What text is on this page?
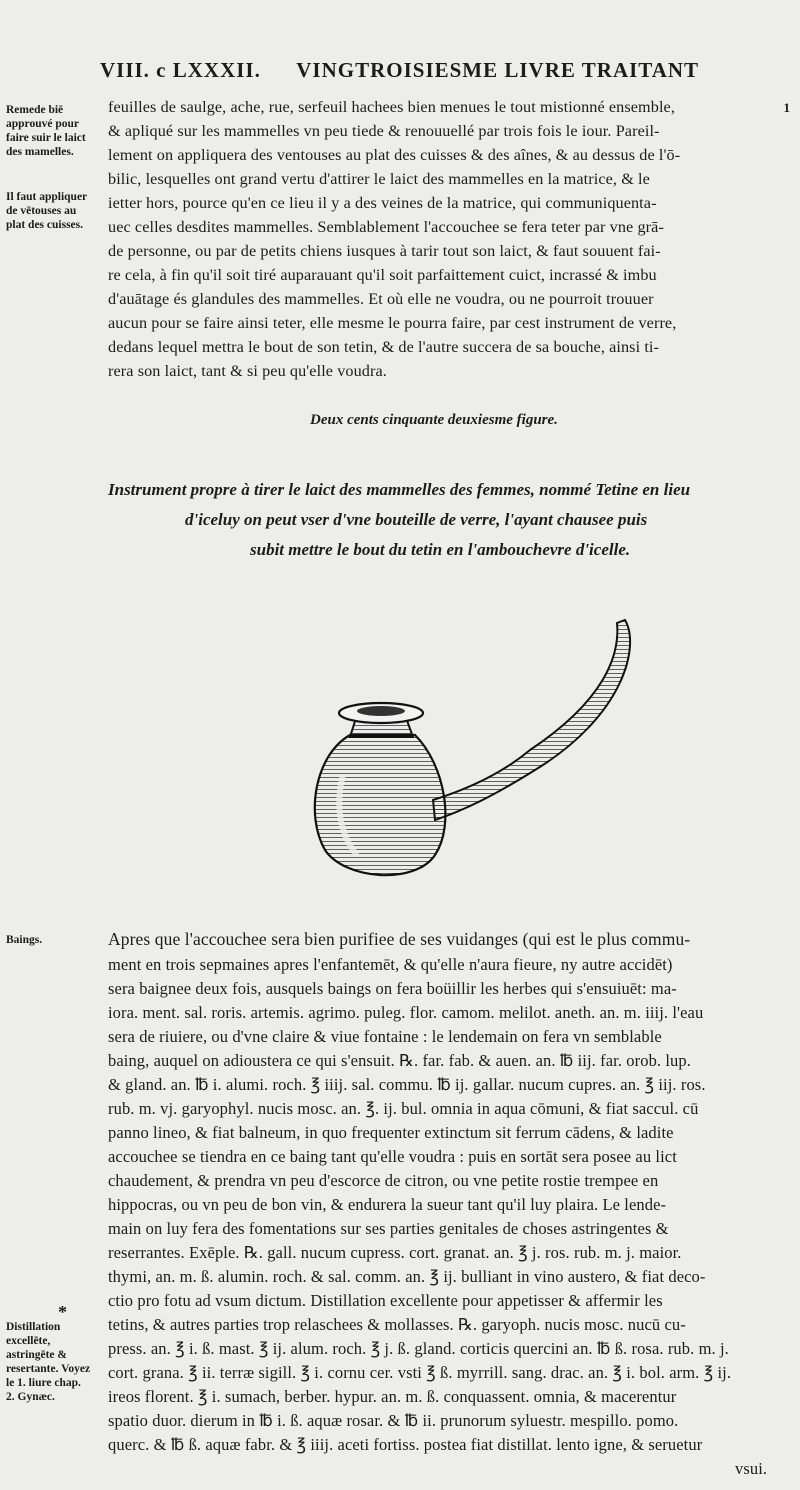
VIII. c LXXXII. VINGTROISIESME LIVRE TRAITANT
Remede biē approuvé pour faire suir le laict des mamelles.
Il faut appliquer de vētouses au plat des cuisses.
Baings.
*
Distillation excellēte, astringēte & resertante. Voyez le 1. liure chap. 2. Gynæc.
1
feuilles de saulge, ache, rue, serfeuil hachees bien menues le tout mistionné ensemble,
& apliqué sur les mammelles vn peu tiede & renouuellé par trois fois le iour. Pareil-
lement on appliquera des ventouses au plat des cuisses & des aînes, & au dessus de l'ō-
bilic, lesquelles ont grand vertu d'attirer le laict des mammelles en la matrice, & le
ietter hors, pource qu'en ce lieu il y a des veines de la matrice, qui communiquenta-
uec celles desdites mammelles. Semblablement l'accouchee se fera teter par vne grā-
de personne, ou par de petits chiens iusques à tarir tout son laict, & faut souuent fai-
re cela, à fin qu'il soit tiré auparauant qu'il soit parfaittement cuict, incrassé & imbu
d'auātage és glandules des mammelles. Et où elle ne voudra, ou ne pourroit trouuer
aucun pour se faire ainsi teter, elle mesme le pourra faire, par cest instrument de verre,
dedans lequel mettra le bout de son tetin, & de l'autre succera de sa bouche, ainsi ti-
rera son laict, tant & si peu qu'elle voudra.
Deux cents cinquante deuxiesme figure.
Instrument propre à tirer le laict des mammelles des femmes, nommé Tetine en lieu
d'iceluy on peut vser d'vne bouteille de verre, l'ayant chausee puis
subit mettre le bout du tetin en l'ambouchevre d'icelle.
Apres que l'accouchee sera bien purifiee de ses vuidanges (qui est le plus commu-
ment en trois sepmaines apres l'enfantemēt, & qu'elle n'aura fieure, ny autre accidēt)
sera baignee deux fois, ausquels baings on fera boüillir les herbes qui s'ensuiuēt: ma-
iora. ment. sal. roris. artemis. agrimo. puleg. flor. camom. melilot. aneth. an. m. iiij. l'eau
sera de riuiere, ou d'vne claire & viue fontaine : le lendemain on fera vn semblable
baing, auquel on adioustera ce qui s'ensuit. ℞. far. fab. & auen. an. ℔ iij. far. orob. lup.
& gland. an. ℔ i. alumi. roch. ℥ iiij. sal. commu. ℔ ij. gallar. nucum cupres. an. ℥ iij. ros.
rub. m. vj. garyophyl. nucis mosc. an. ℥. ij. bul. omnia in aqua cōmuni, & fiat saccul. cū
panno lineo, & fiat balneum, in quo frequenter extinctum sit ferrum cādens, & ladite
accouchee se tiendra en ce baing tant qu'elle voudra : puis en sortāt sera posee au lict
chaudement, & prendra vn peu d'escorce de citron, ou vne petite rostie trempee en
hippocras, ou vn peu de bon vin, & endurera la sueur tant qu'il luy plaira. Le lende-
main on luy fera des fomentations sur ses parties genitales de choses astringentes &
reserrantes. Exēple. ℞. gall. nucum cupress. cort. granat. an. ℥ j. ros. rub. m. j. maior.
thymi, an. m. ß. alumin. roch. & sal. comm. an. ℥ ij. bulliant in vino austero, & fiat deco-
ctio pro fotu ad vsum dictum. Distillation excellente pour appetisser & affermir les
tetins, & autres parties trop relaschees & mollasses. ℞. garyoph. nucis mosc. nucū cu-
press. an. ℥ i. ß. mast. ℥ ij. alum. roch. ℥ j. ß. gland. corticis quercini an. ℔ ß. rosa. rub. m. j.
cort. grana. ℥ ii. terræ sigill. ℥ i. cornu cer. vsti ℥ ß. myrrill. sang. drac. an. ℥ i. bol. arm. ℥ ij.
ireos florent. ℥ i. sumach, berber. hypur. an. m. ß. conquassent. omnia, & macerentur
spatio duor. dierum in ℔ i. ß. aquæ rosar. & ℔ ii. prunorum syluestr. mespillo. pomo.
querc. & ℔ ß. aquæ fabr. & ℥ iiij. aceti fortiss. postea fiat distillat. lento igne, & seruetur
vsui.
